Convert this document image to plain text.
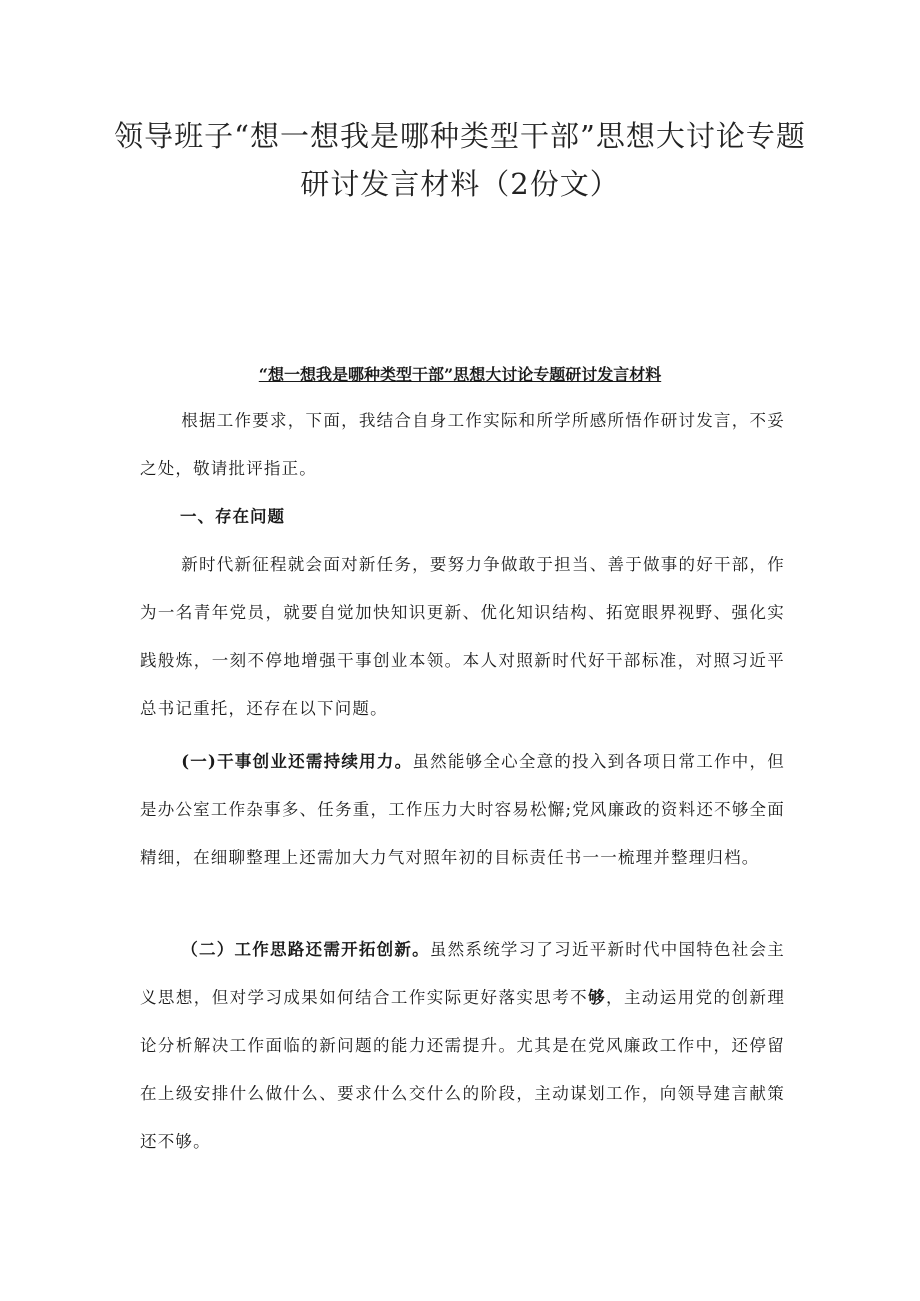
领导班子“想一想我是哪种类型干部”思想大讨论专题研讨发言材料（2份文）
“想一想我是哪种类型干部”思想大讨论专题研讨发言材料

根据工作要求，下面，我结合自身工作实际和所学所感所悟作研讨发言，不妥之处，敬请批评指正。

一、存在问题

新时代新征程就会面对新任务，要努力争做敢于担当、善于做事的好干部，作为一名青年党员，就要自觉加快知识更新、优化知识结构、拓宽眼界视野、强化实践般炼，一刻不停地增强干事创业本领。本人对照新时代好干部标准，对照习近平总书记重托，还存在以下问题。

(一)干事创业还需持续用力。虽然能够全心全意的投入到各项日常工作中，但是办公室工作杂事多、任务重，工作压力大时容易松懈;党风廉政的资料还不够全面精细，在细聊整理上还需加大力气对照年初的目标责任书一一梳理并整理归档。

（二）工作思路还需开拓创新。虽然系统学习了习近平新时代中国特色社会主义思想，但对学习成果如何结合工作实际更好落实思考不够，主动运用党的创新理论分析解决工作面临的新问题的能力还需提升。尤其是在党风廉政工作中，还停留在上级安排什么做什么、要求什么交什么的阶段，主动谋划工作，向领导建言献策还不够。
